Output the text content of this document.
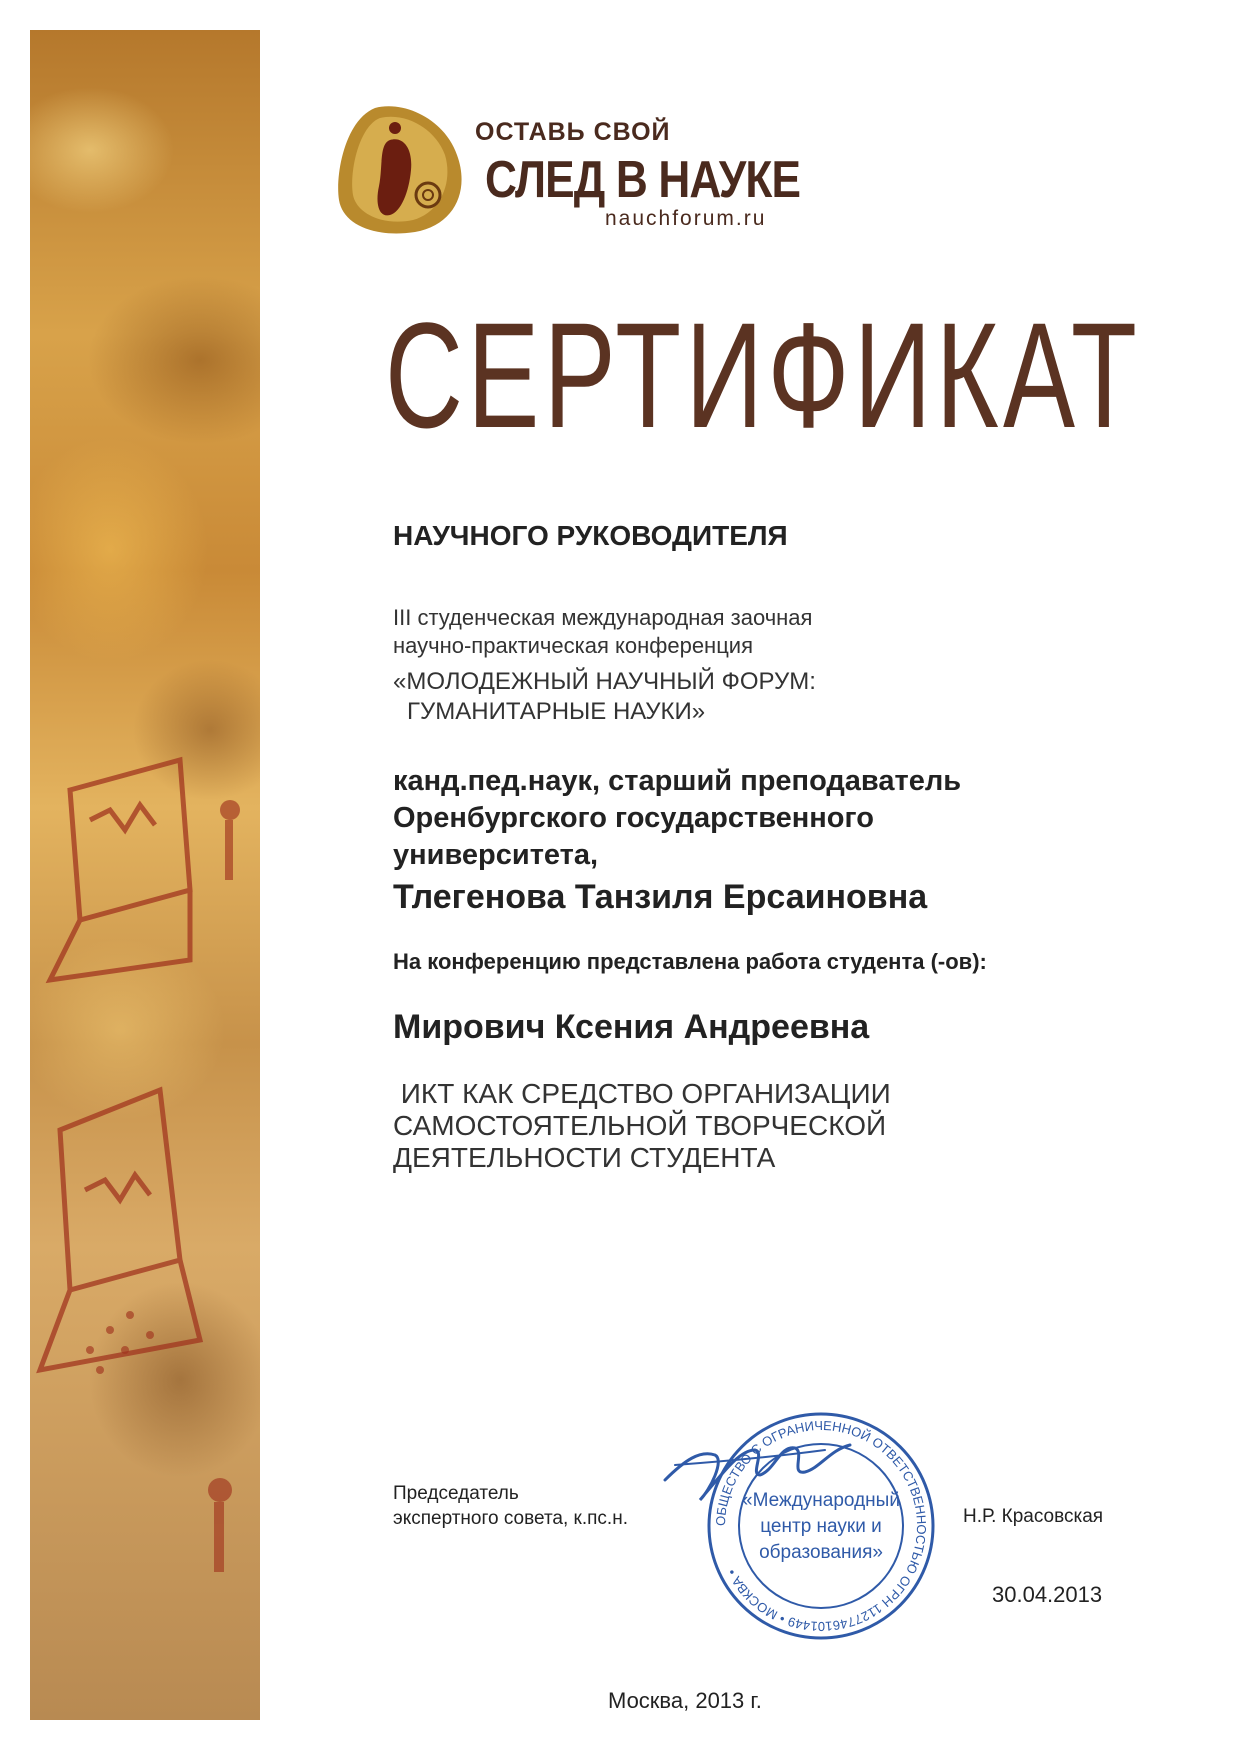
ОСТАВЬ СВОЙ
СЛЕД В НАУКЕ
nauchforum.ru
СЕРТИФИКАТ
НАУЧНОГО РУКОВОДИТЕЛЯ
III студенческая международная заочная
научно-практическая конференция
«МОЛОДЕЖНЫЙ НАУЧНЫЙ ФОРУМ:
ГУМАНИТАРНЫЕ НАУКИ»
канд.пед.наук, старший преподаватель
Оренбургского государственного
университета,
Тлегенова Танзиля Ерсаиновна
На конференцию представлена работа студента (-ов):
Мирович Ксения Андреевна
ИКТ КАК СРЕДСТВО ОРГАНИЗАЦИИ
САМОСТОЯТЕЛЬНОЙ ТВОРЧЕСКОЙ
ДЕЯТЕЛЬНОСТИ СТУДЕНТА
Председатель
экспертного совета, к.пс.н.	ОБЩЕСТВО С ОГРАНИЧЕННОЙ ОТВЕТСТВЕННОСТЬЮ ОГРН 1127746101449 • МОСКВА •
«Международный
центр науки и
образования»
Н.Р. Красовская
30.04.2013
Москва, 2013 г.
